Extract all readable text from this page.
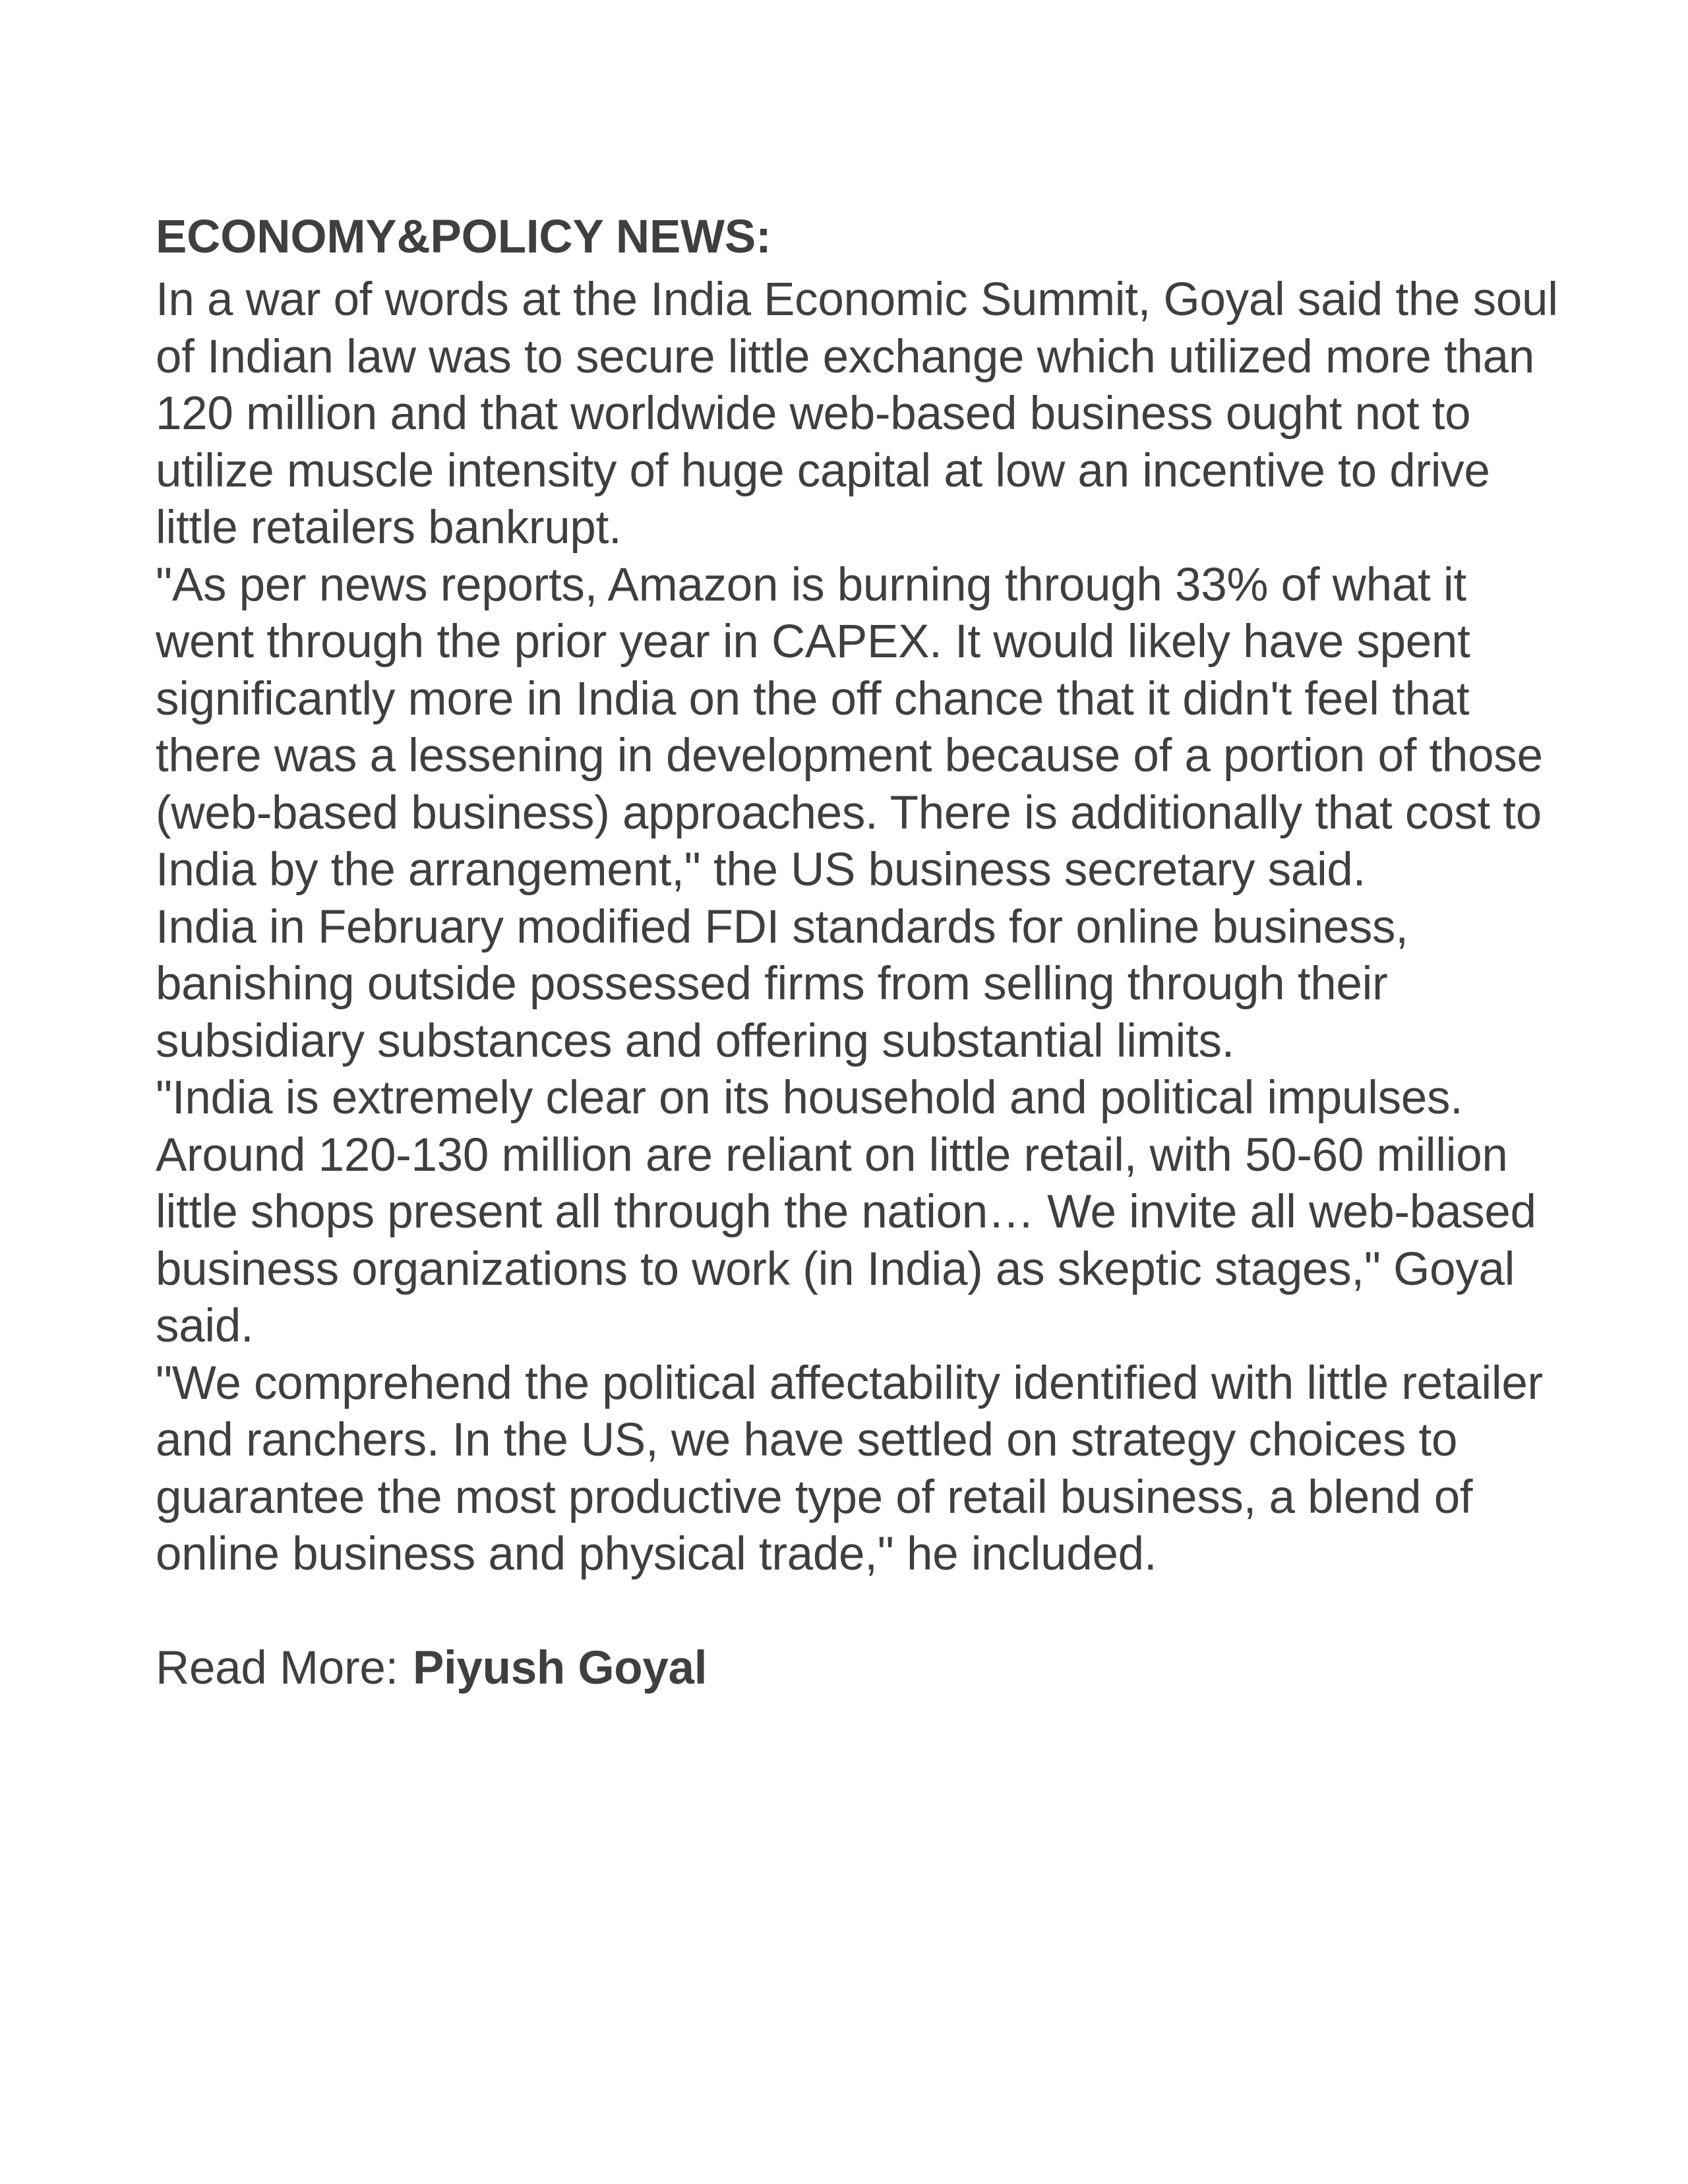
ECONOMY&POLICY NEWS:

In a war of words at the India Economic Summit, Goyal said the soul of Indian law was to secure little exchange which utilized more than 120 million and that worldwide web-based business ought not to utilize muscle intensity of huge capital at low an incentive to drive little retailers bankrupt.

"As per news reports, Amazon is burning through 33% of what it went through the prior year in CAPEX. It would likely have spent significantly more in India on the off chance that it didn't feel that there was a lessening in development because of a portion of those (web-based business) approaches. There is additionally that cost to India by the arrangement," the US business secretary said.

India in February modified FDI standards for online business, banishing outside possessed firms from selling through their subsidiary substances and offering substantial limits.

"India is extremely clear on its household and political impulses. Around 120-130 million are reliant on little retail, with 50-60 million little shops present all through the nation… We invite all web-based business organizations to work (in India) as skeptic stages," Goyal said.

"We comprehend the political affectability identified with little retailer and ranchers. In the US, we have settled on strategy choices to guarantee the most productive type of retail business, a blend of online business and physical trade," he included.

Read More: Piyush Goyal
